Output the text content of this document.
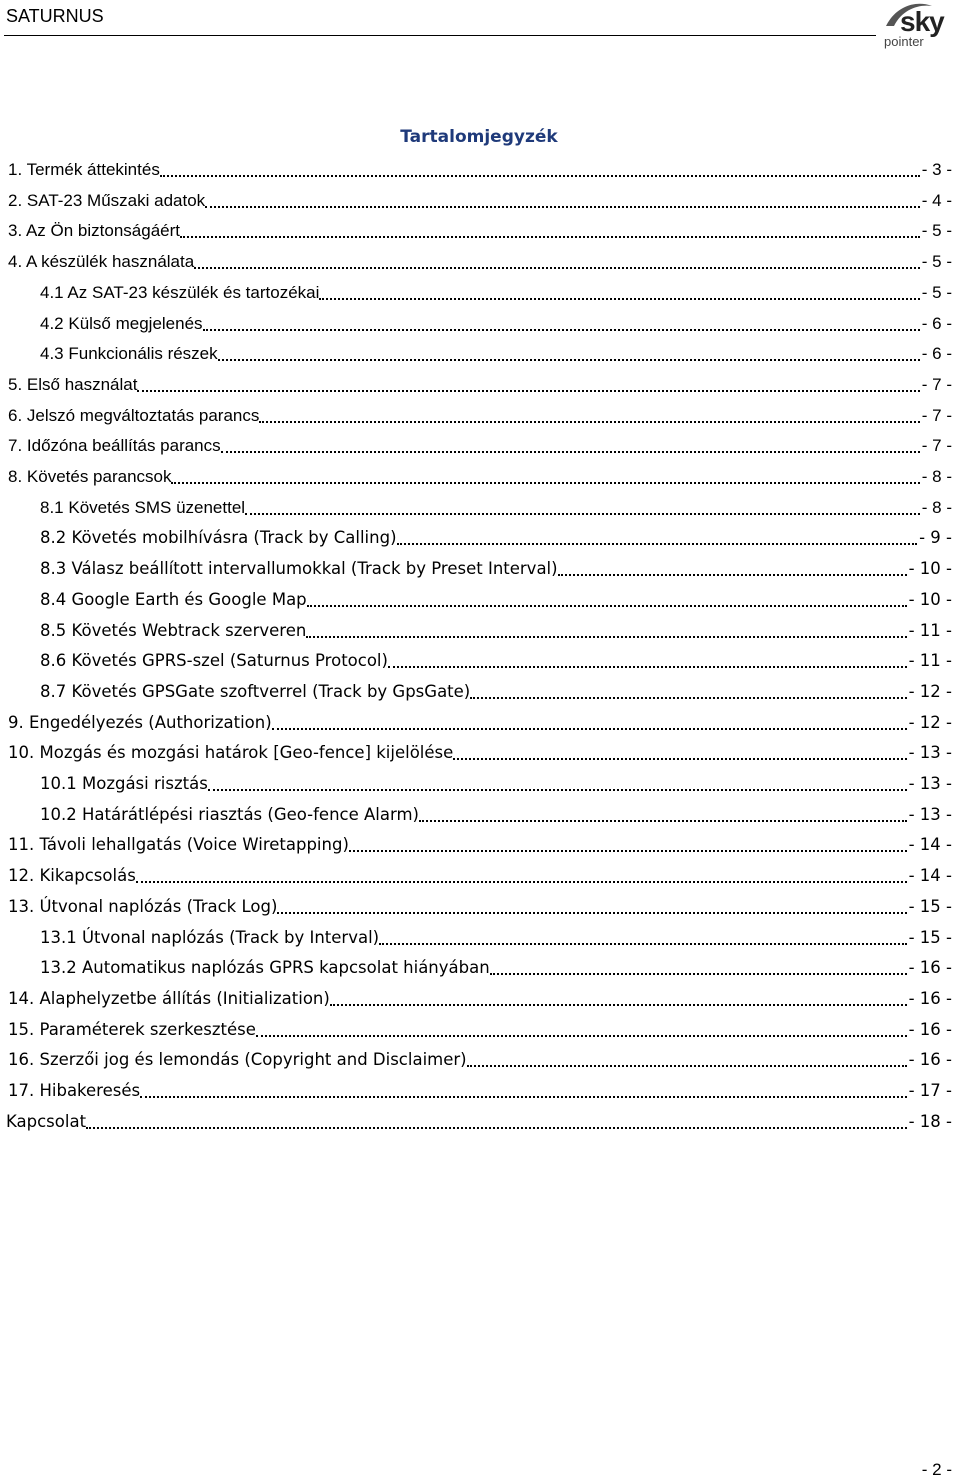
SATURNUS	sky
pointer
Tartalomjegyzék
1. Termék áttekintés	- 3 -
2. SAT-23 Műszaki adatok	- 4 -
3. Az Ön biztonságáért	- 5 -
4. A készülék használata	- 5 -
4.1 Az SAT-23 készülék és tartozékai	- 5 -
4.2 Külső megjelenés	- 6 -
4.3 Funkcionális részek	- 6 -
5. Első használat	- 7 -
6. Jelszó megváltoztatás parancs	- 7 -
7. Időzóna beállítás parancs	- 7 -
8. Követés parancsok	- 8 -
8.1 Követés SMS üzenettel	- 8 -
8.2 Követés mobilhívásra (Track by Calling)	- 9 -
8.3 Válasz beállított intervallumokkal (Track by Preset Interval)	- 10 -
8.4 Google Earth és Google Map	- 10 -
8.5 Követés Webtrack szerveren	- 11 -
8.6 Követés GPRS-szel (Saturnus Protocol)	- 11 -
8.7 Követés GPSGate szoftverrel (Track by GpsGate)	- 12 -
9. Engedélyezés (Authorization)	- 12 -
10. Mozgás és mozgási határok [Geo-fence] kijelölése	- 13 -
10.1 Mozgási risztás	- 13 -
10.2 Határátlépési riasztás (Geo-fence Alarm)	- 13 -
11. Távoli lehallgatás (Voice Wiretapping)	- 14 -
12. Kikapcsolás	- 14 -
13. Útvonal naplózás (Track Log)	- 15 -
13.1 Útvonal naplózás (Track by Interval)	- 15 -
13.2 Automatikus naplózás GPRS kapcsolat hiányában	- 16 -
14. Alaphelyzetbe állítás (Initialization)	- 16 -
15. Paraméterek szerkesztése	- 16 -
16. Szerzői jog és lemondás (Copyright and Disclaimer)	- 16 -
17. Hibakeresés	- 17 -
Kapcsolat	- 18 -
- 2 -
